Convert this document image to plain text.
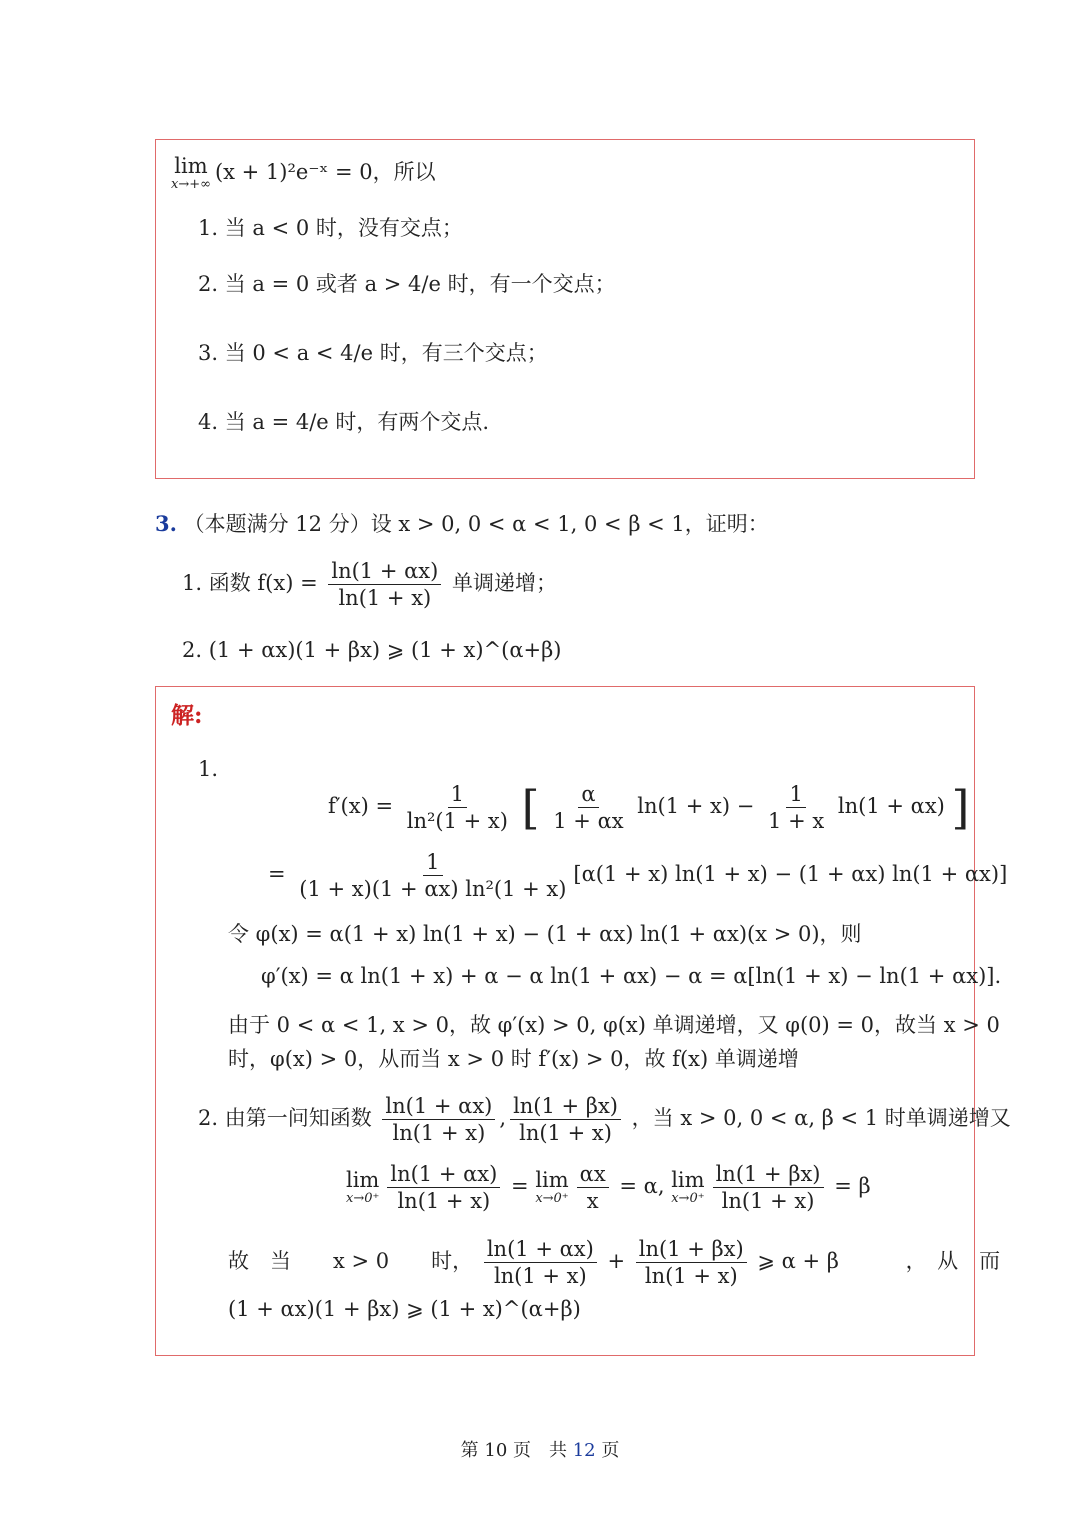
lim
x→+∞
(x + 1)²e⁻ˣ = 0，所以
1. 当 a < 0 时，没有交点；
2. 当 a = 0 或者 a > 4/e 时，有一个交点；
3. 当 0 < a < 4/e 时，有三个交点；
4. 当 a = 4/e 时，有两个交点.
3. （本题满分 12 分）设 x > 0, 0 < α < 1, 0 < β < 1，证明：
1. 函数 $f(x) = \frac{\ln(1 + \alpha x)}{\ln(1 + x)}$ 单调递增；
2. (1 + αx)(1 + βx) ⩾ (1 + x)^(α+β)
解:
1.
$f'(x) = \frac{1}{\text{ln²(1 + x)}}$ [ $\frac{\alpha}{1 + \alpha x} \ln(1 + x) - \frac{1}{1 + x} \ln(1 + \alpha x)$ ]
= $\frac{1}{\text{(1 + x)(1 + αx) ln²(1 + x)}} [\alpha(1 + x) \ln(1 + x) - (1 + \alpha x) \ln(1 + \alpha x)]$
令 φ(x) = α(1 + x) ln(1 + x) − (1 + αx) ln(1 + αx)(x > 0)，则
φ′(x) = α ln(1 + x) + α − α ln(1 + αx) − α = α[ln(1 + x) − ln(1 + αx)].
由于 0 < α < 1, x > 0，故 φ′(x) > 0, φ(x) 单调递增，又 φ(0) = 0，故当 x > 0
时，φ(x) > 0，从而当 x > 0 时 f′(x) > 0，故 f(x) 单调递增
2. 由第一问知函数 $\frac{\ln(1 + \alpha x)}{\ln(1 + x)}$ , $\frac{\ln(1 + \beta x)}{\ln(1 + x)}$ ，当 x > 0, 0 < α, β < 1 时单调递增又
lim
$x\to 0^+ \frac{\ln(1 + \alpha x)}{\ln(1 + x)} = \lim$
$x\to 0^+ \frac{\alpha x}{x} = \alpha$, lim
$x\to 0^+ \frac{\ln(1 + \beta x)}{\ln(1 + x)} = \beta$
故　当　　x > 0　　时， $\frac{\ln(1 + \alpha x)}{\ln(1 + x)} + \frac{\ln(1 + \beta x)}{\ln(1 + x)}$ ⩾ α + β	，　从　而
(1 + αx)(1 + βx) ⩾ (1 + x)^(α+β)
第 10 页　共 12 页
